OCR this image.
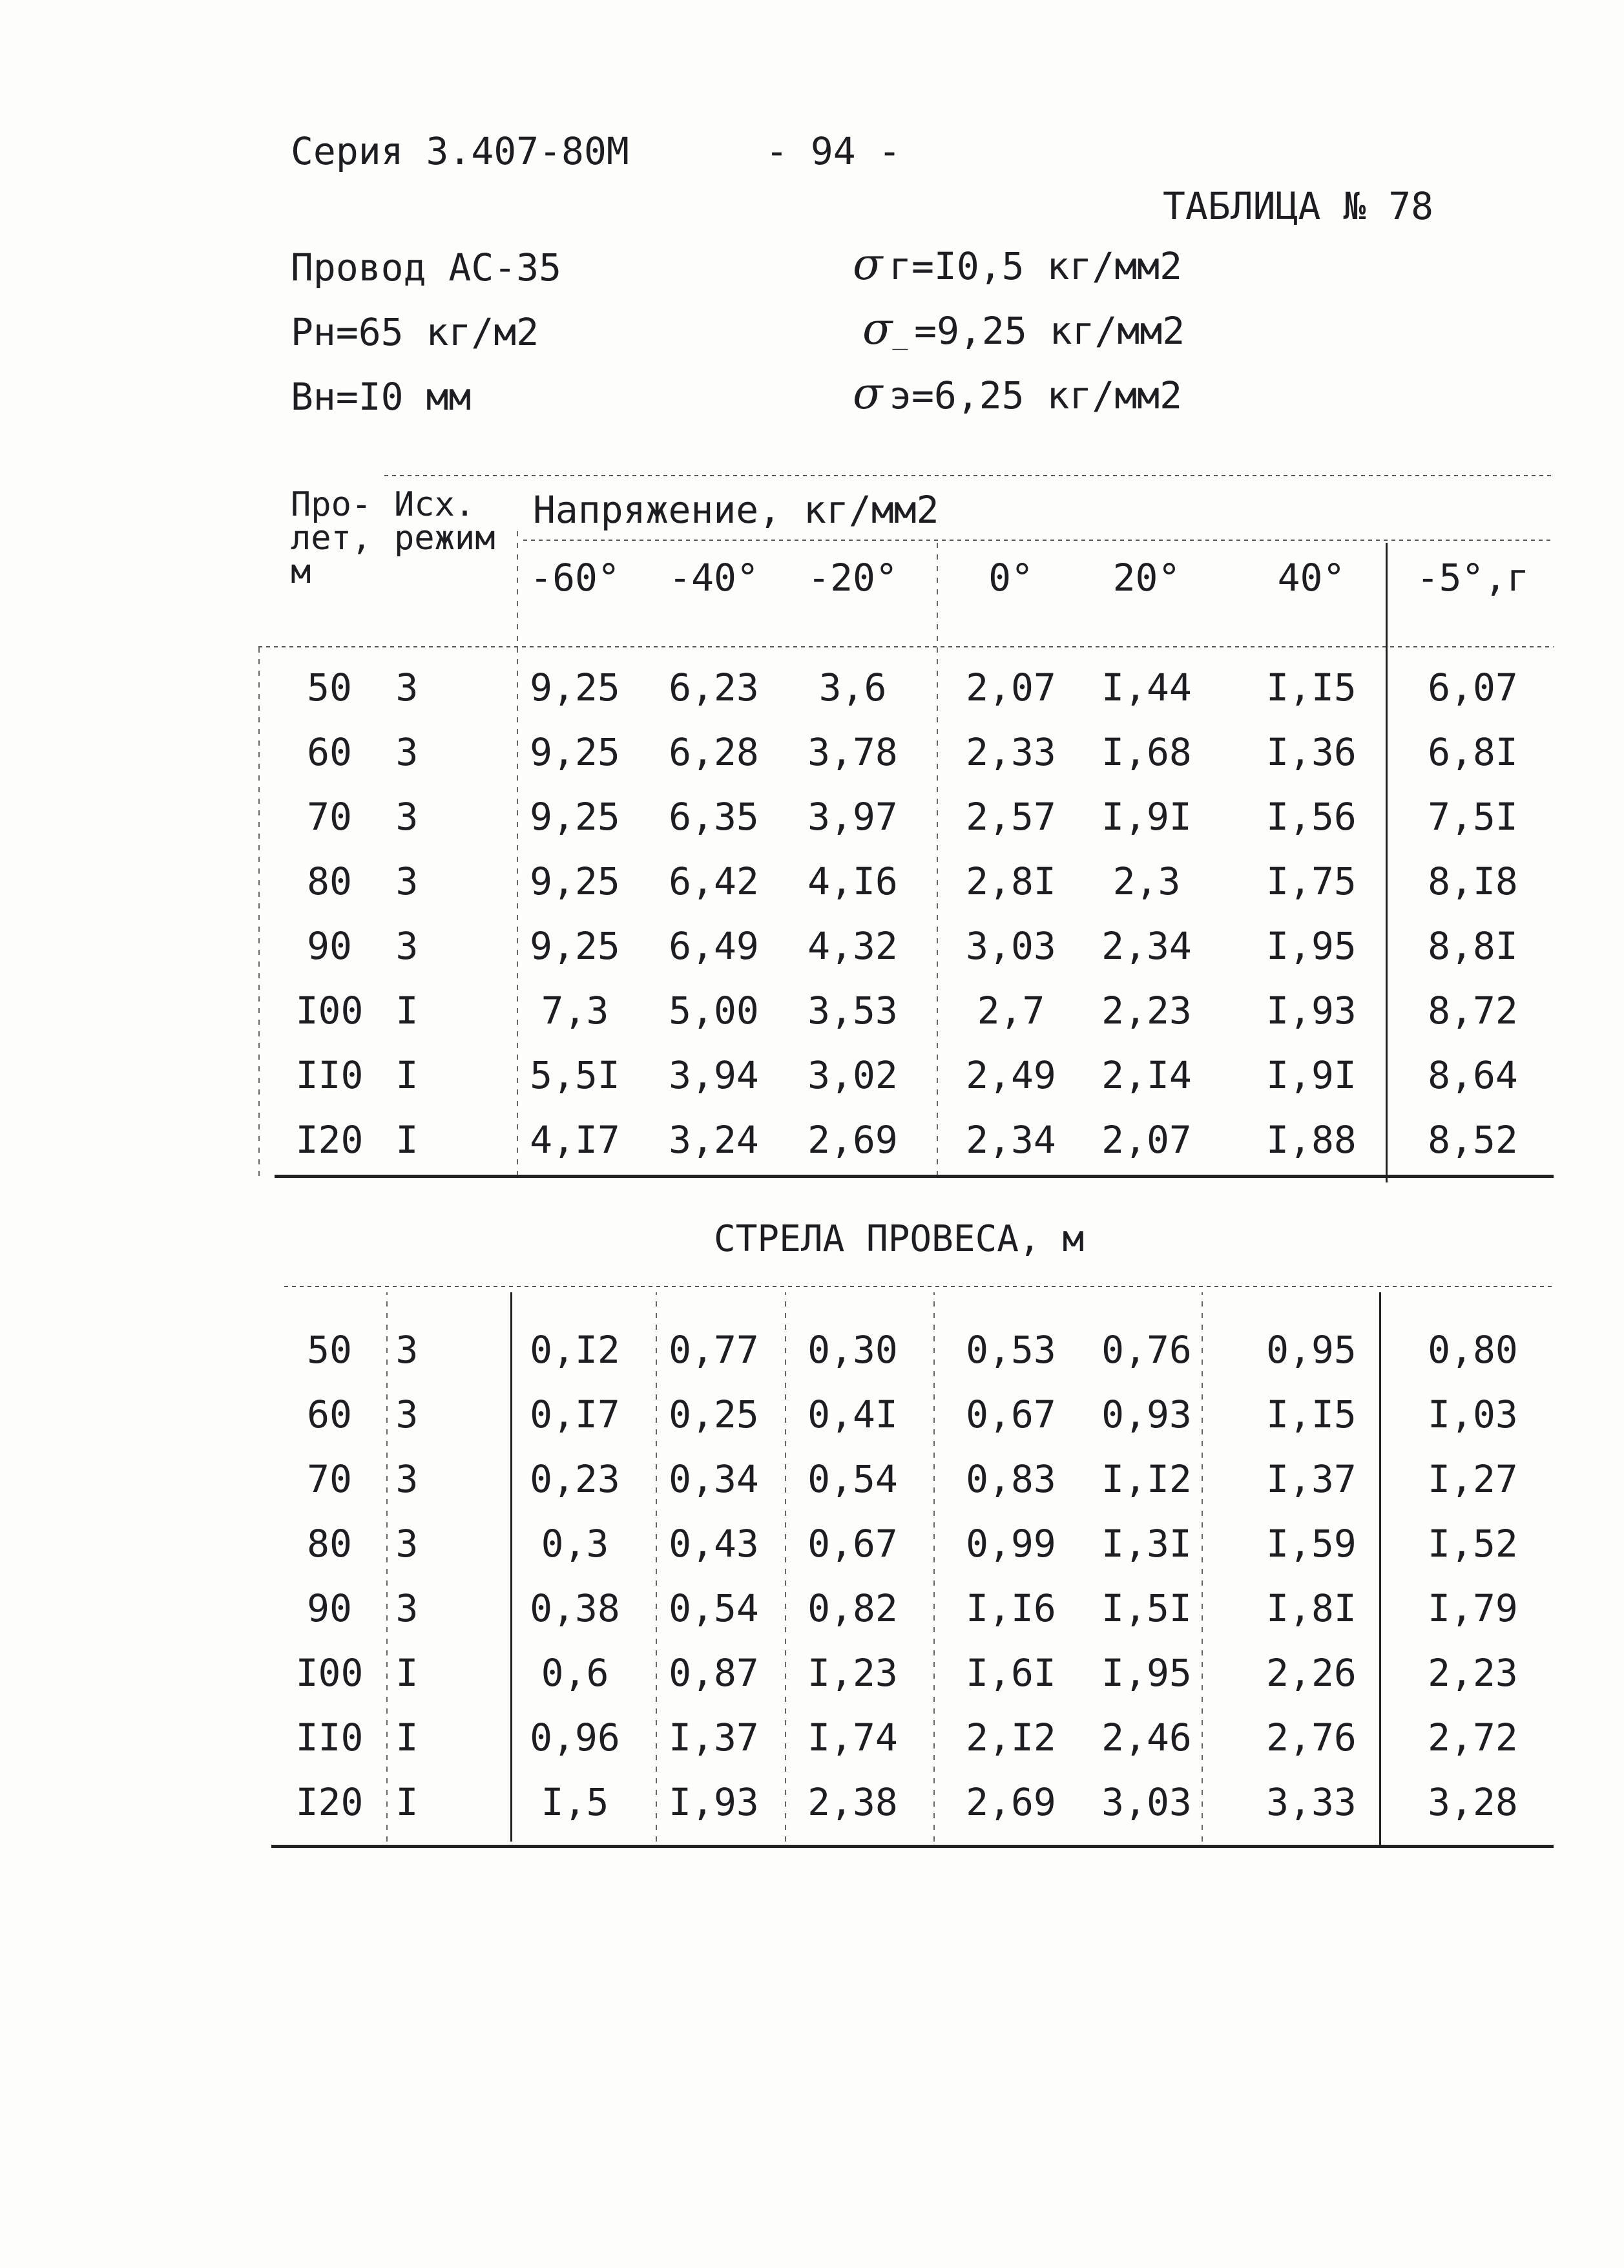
Серия 3.407-80М	- 94 -
ТАБЛИЦА № 78
Провод АС-35
Рн=65 кг/м2
Вн=I0 мм
σ г=I0,5 кг/мм2
σ_ =9,25 кг/мм2
σ э=6,25 кг/мм2
Про-
лет,
м
Исх.
режим
Напряжение, кг/мм2
-60°	-40°	-20°	0°	20°	40°	-5°,г
50	3	9,25	6,23	3,6	2,07	I,44	I,I5	6,07
60	3	9,25	6,28	3,78	2,33	I,68	I,36	6,8I
70	3	9,25	6,35	3,97	2,57	I,9I	I,56	7,5I
80	3	9,25	6,42	4,I6	2,8I	2,3	I,75	8,I8
90	3	9,25	6,49	4,32	3,03	2,34	I,95	8,8I
I00 I	7,3	5,00	3,53	2,7	2,23	I,93	8,72
II0 I	5,5I	3,94	3,02	2,49	2,I4	I,9I	8,64
I20 I	4,I7	3,24	2,69	2,34	2,07	I,88	8,52
СТРЕЛА ПРОВЕСА, м
50	3	0,I2	0,77	0,30	0,53	0,76	0,95	0,80
60	3	0,I7	0,25	0,4I	0,67	0,93	I,I5	I,03
70	3	0,23	0,34	0,54	0,83	I,I2	I,37	I,27
80	3	0,3	0,43	0,67	0,99	I,3I	I,59	I,52
90	3	0,38	0,54	0,82	I,I6	I,5I	I,8I	I,79
I00 I	0,6	0,87	I,23	I,6I	I,95	2,26	2,23
II0 I	0,96	I,37	I,74	2,I2	2,46	2,76	2,72
I20 I	I,5	I,93	2,38	2,69	3,03	3,33	3,28
